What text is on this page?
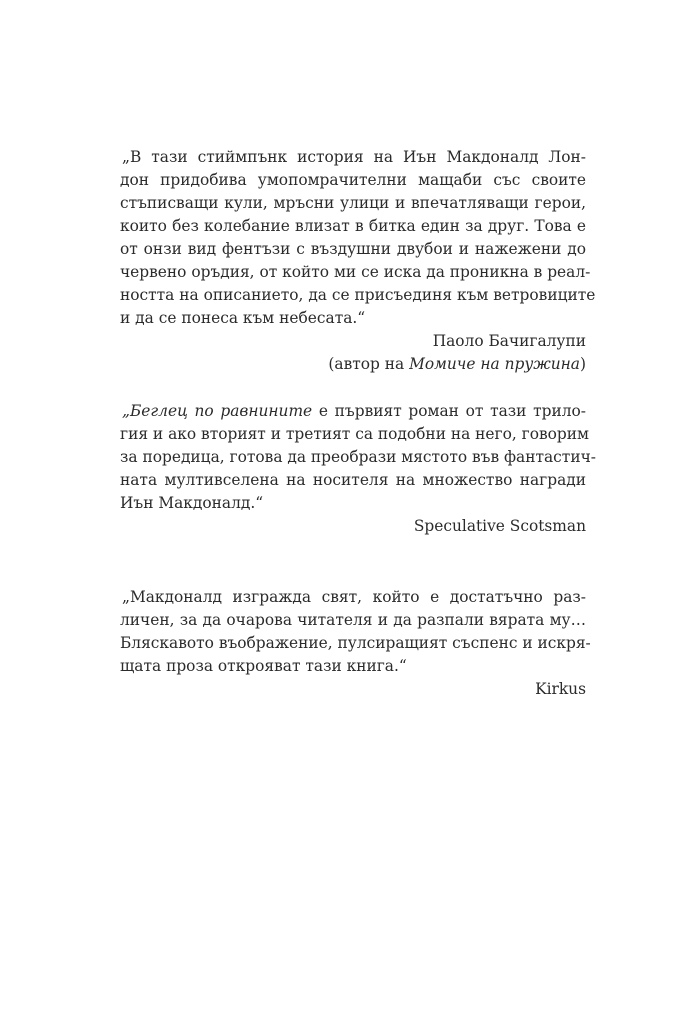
„В тази стиймпънк история на Иън Макдоналд Лон-
дон придобива умопомрачителни мащаби със своите
стъписващи кули, мръсни улици и впечатляващи герои,
които без колебание влизат в битка един за друг. Това е
от онзи вид фентъзи с въздушни двубои и нажежени до
червено оръдия, от който ми се иска да проникна в реал-
ността на описанието, да се присъединя към ветровиците
и да се понеса към небесата.“
Паоло Бачигалупи
(автор на Момиче на пружина)
„Беглец по равнините е първият роман от тази трило-
гия и ако вторият и третият са подобни на него, говорим
за поредица, готова да преобрази мястото във фантастич-
ната мултивселена на носителя на множество награди
Иън Макдоналд.“
Speculative Scotsman
„Макдоналд изгражда свят, който е достатъчно раз-
личен, за да очарова читателя и да разпали вярата му…
Бляскавото въображение, пулсиращият съспенс и искря-
щата проза открояват тази книга.“
Kirkus
